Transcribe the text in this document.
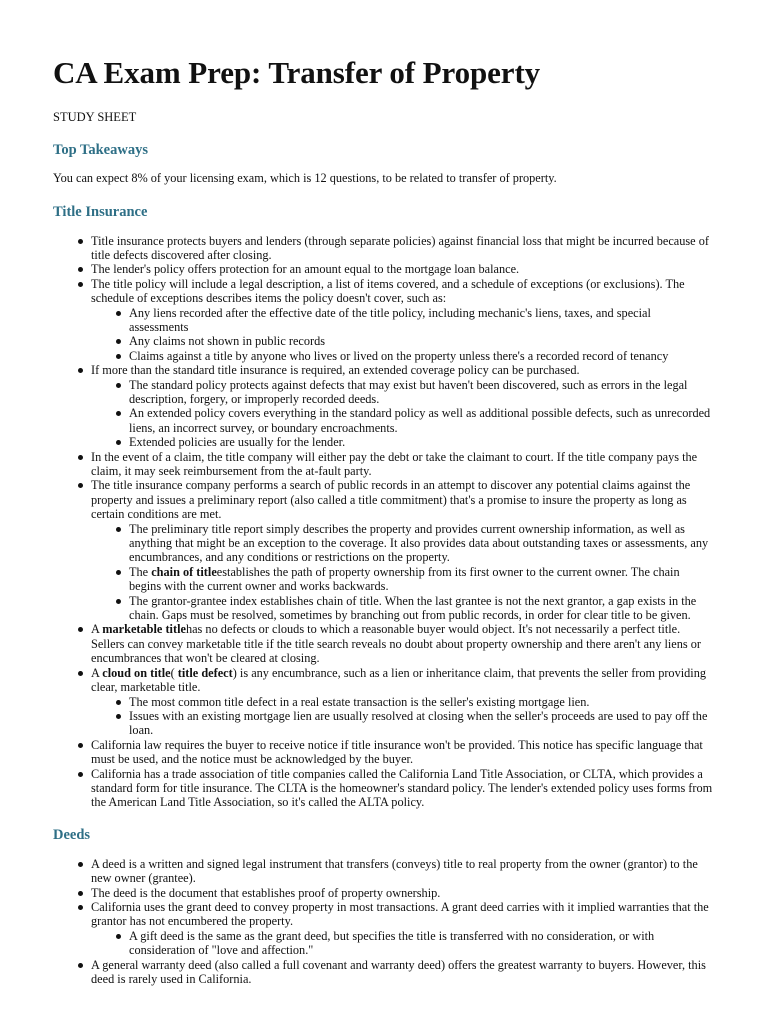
CA Exam Prep: Transfer of Property
STUDY SHEET
Top Takeaways
You can expect 8% of your licensing exam, which is 12 questions, to be related to transfer of property.
Title Insurance
Title insurance protects buyers and lenders (through separate policies) against financial loss that might be incurred because of title defects discovered after closing.
The lender's policy offers protection for an amount equal to the mortgage loan balance.
The title policy will include a legal description, a list of items covered, and a schedule of exceptions (or exclusions). The schedule of exceptions describes items the policy doesn't cover, such as:
Any liens recorded after the effective date of the title policy, including mechanic's liens, taxes, and special assessments
Any claims not shown in public records
Claims against a title by anyone who lives or lived on the property unless there's a recorded record of tenancy
If more than the standard title insurance is required, an extended coverage policy can be purchased.
The standard policy protects against defects that may exist but haven't been discovered, such as errors in the legal description, forgery, or improperly recorded deeds.
An extended policy covers everything in the standard policy as well as additional possible defects, such as unrecorded liens, an incorrect survey, or boundary encroachments.
Extended policies are usually for the lender.
In the event of a claim, the title company will either pay the debt or take the claimant to court. If the title company pays the claim, it may seek reimbursement from the at-fault party.
The title insurance company performs a search of public records in an attempt to discover any potential claims against the property and issues a preliminary report (also called a title commitment) that's a promise to insure the property as long as certain conditions are met.
The preliminary title report simply describes the property and provides current ownership information, as well as anything that might be an exception to the coverage. It also provides data about outstanding taxes or assessments, any encumbrances, and any conditions or restrictions on the property.
The chain of titleestablishes the path of property ownership from its first owner to the current owner. The chain begins with the current owner and works backwards.
The grantor-grantee index establishes chain of title. When the last grantee is not the next grantor, a gap exists in the chain. Gaps must be resolved, sometimes by branching out from public records, in order for clear title to be given.
A marketable titlehas no defects or clouds to which a reasonable buyer would object. It's not necessarily a perfect title. Sellers can convey marketable title if the title search reveals no doubt about property ownership and there aren't any liens or encumbrances that won't be cleared at closing.
A cloud on title( title defect) is any encumbrance, such as a lien or inheritance claim, that prevents the seller from providing clear, marketable title.
The most common title defect in a real estate transaction is the seller's existing mortgage lien.
Issues with an existing mortgage lien are usually resolved at closing when the seller's proceeds are used to pay off the loan.
California law requires the buyer to receive notice if title insurance won't be provided. This notice has specific language that must be used, and the notice must be acknowledged by the buyer.
California has a trade association of title companies called the California Land Title Association, or CLTA, which provides a standard form for title insurance. The CLTA is the homeowner's standard policy. The lender's extended policy uses forms from the American Land Title Association, so it's called the ALTA policy.
Deeds
A deed is a written and signed legal instrument that transfers (conveys) title to real property from the owner (grantor) to the new owner (grantee).
The deed is the document that establishes proof of property ownership.
California uses the grant deed to convey property in most transactions. A grant deed carries with it implied warranties that the grantor has not encumbered the property.
A gift deed is the same as the grant deed, but specifies the title is transferred with no consideration, or with consideration of "love and affection."
A general warranty deed (also called a full covenant and warranty deed) offers the greatest warranty to buyers. However, this deed is rarely used in California.
